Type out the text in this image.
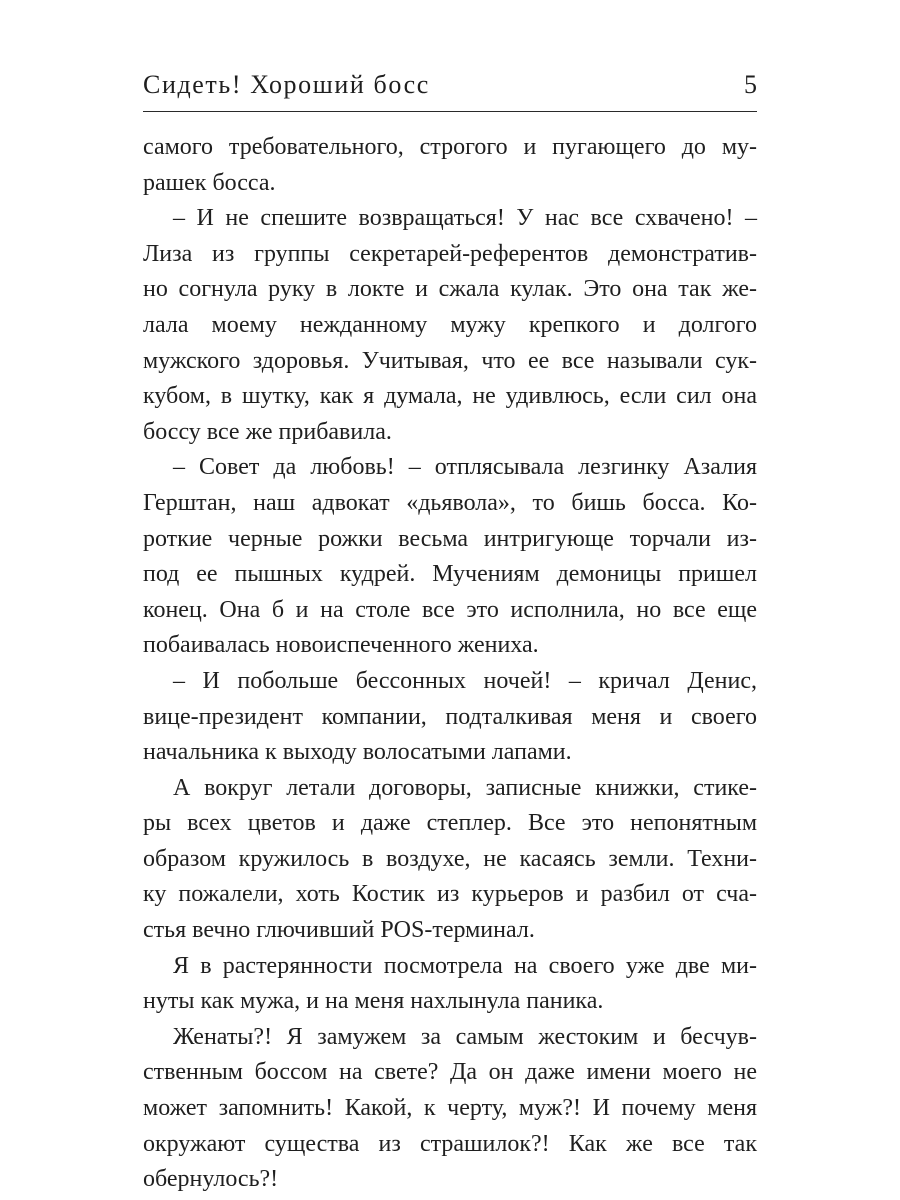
Сидеть! Хороший босс	5
самого требовательного, строгого и пугающего до му-
рашек босса.
– И не спешите возвращаться! У нас все схвачено! –
Лиза из группы секретарей-референтов демонстратив-
но согнула руку в локте и сжала кулак. Это она так же-
лала моему нежданному мужу крепкого и долгого
мужского здоровья. Учитывая, что ее все называли сук-
кубом, в шутку, как я думала, не удивлюсь, если сил она
боссу все же прибавила.
– Совет да любовь! – отплясывала лезгинку Азалия
Герштан, наш адвокат «дьявола», то бишь босса. Ко-
роткие черные рожки весьма интригующе торчали из-
под ее пышных кудрей. Мучениям демоницы пришел
конец. Она б и на столе все это исполнила, но все еще
побаивалась новоиспеченного жениха.
– И побольше бессонных ночей! – кричал Денис,
вице-президент компании, подталкивая меня и своего
начальника к выходу волосатыми лапами.
А вокруг летали договоры, записные книжки, стике-
ры всех цветов и даже степлер. Все это непонятным
образом кружилось в воздухе, не касаясь земли. Техни-
ку пожалели, хоть Костик из курьеров и разбил от сча-
стья вечно глючивший POS-терминал.
Я в растерянности посмотрела на своего уже две ми-
нуты как мужа, и на меня нахлынула паника.
Женаты?! Я замужем за самым жестоким и бесчув-
ственным боссом на свете? Да он даже имени моего не
может запомнить! Какой, к черту, муж?! И почему меня
окружают существа из страшилок?! Как же все так
обернулось?!
